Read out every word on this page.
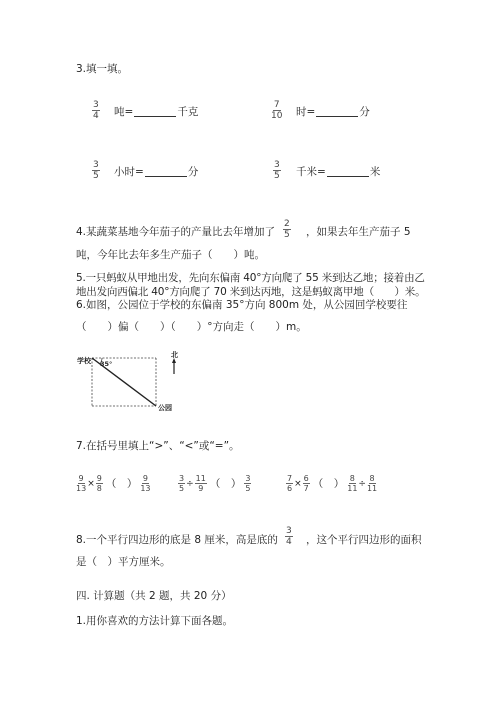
3.填一填。
$\frac{3}{4}$ 吨=	千克	$\frac{7}{10}$ 时=	分
$\frac{3}{5}$ 小时=	分	$\frac{3}{5}$ 千米=	米
4.某蔬菜基地今年茄子的产量比去年增加了 $\frac{2}{5}$ ，如果去年生产茄子 5
吨，今年比去年多生产茄子（　　）吨。
5.一只蚂蚁从甲地出发，先向东偏南 40°方向爬了 55 米到达乙地；接着由乙
地出发向西偏北 40°方向爬了 70 米到达丙地，这是蚂蚁离甲地（　　）米。
6.如图，公园位于学校的东偏南 35°方向 800m 处，从公园回学校要往
（　　）偏（　　）（　　）°方向走（　　）m。
35°
学校
公园
北
7.在括号里填上“>”、“<”或“=”。
$\frac{9}{13} \times \frac{9}{8}$ （　） $\frac{9}{13}$	$\frac{3}{5} \div \frac{11}{9}$ （　） $\frac{3}{5}$	$\frac{7}{6} \times \frac{6}{7}$ （　） $\frac{8}{11} \div \frac{8}{11}$
8.一个平行四边形的底是 8 厘米，高是底的 $\frac{3}{4}$ ，这个平行四边形的面积
是（　）平方厘米。
四. 计算题（共 2 题，共 20 分）
1.用你喜欢的方法计算下面各题。
